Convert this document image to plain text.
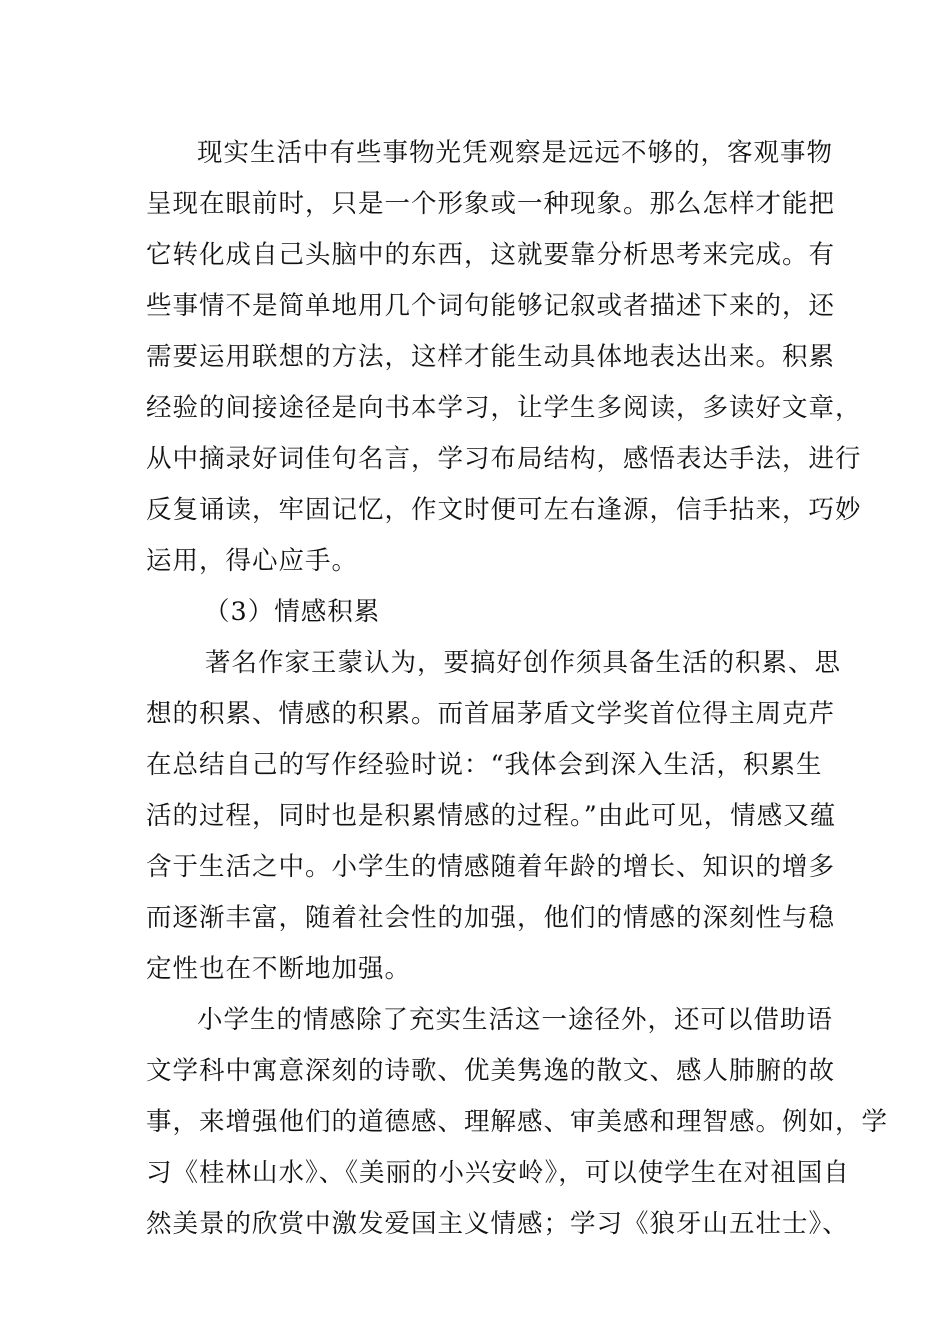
现实生活中有些事物光凭观察是远远不够的，客观事物
呈现在眼前时，只是一个形象或一种现象。那么怎样才能把
它转化成自己头脑中的东西，这就要靠分析思考来完成。有
些事情不是简单地用几个词句能够记叙或者描述下来的，还
需要运用联想的方法，这样才能生动具体地表达出来。积累
经验的间接途径是向书本学习，让学生多阅读，多读好文章，
从中摘录好词佳句名言，学习布局结构，感悟表达手法，进行
反复诵读，牢固记忆，作文时便可左右逢源，信手拈来，巧妙
运用，得心应手。
（3）情感积累
著名作家王蒙认为，要搞好创作须具备生活的积累、思
想的积累、情感的积累。而首届茅盾文学奖首位得主周克芹
在总结自己的写作经验时说：“我体会到深入生活，积累生
活的过程，同时也是积累情感的过程。”由此可见，情感又蕴
含于生活之中。小学生的情感随着年龄的增长、知识的增多
而逐渐丰富，随着社会性的加强，他们的情感的深刻性与稳
定性也在不断地加强。
小学生的情感除了充实生活这一途径外，还可以借助语
文学科中寓意深刻的诗歌、优美隽逸的散文、感人肺腑的故
事，来增强他们的道德感、理解感、审美感和理智感。例如，学
习《桂林山水》、《美丽的小兴安岭》，可以使学生在对祖国自
然美景的欣赏中激发爱国主义情感；学习《狼牙山五壮士》、
